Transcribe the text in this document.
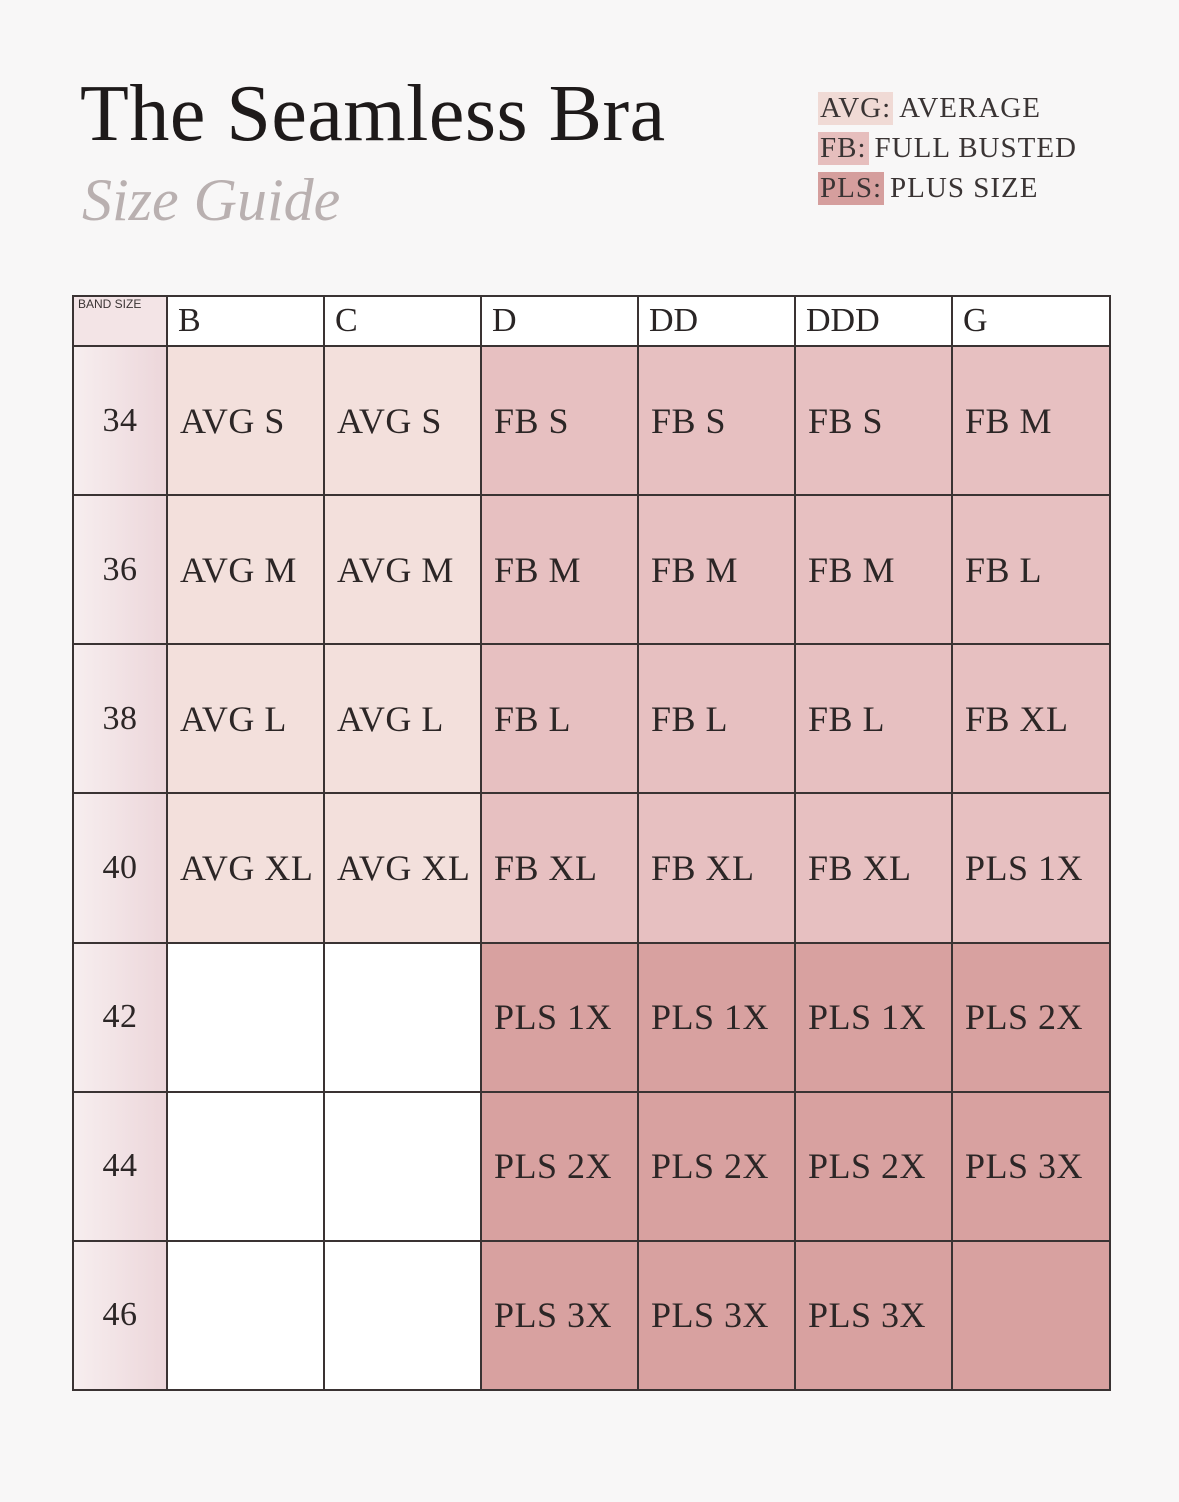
The Seamless Bra
Size Guide
AVG: AVERAGE
FB: FULL BUSTED
PLS: PLUS SIZE
BAND SIZE	B	C	D	DD	DDD	G
34	AVG S	AVG S	FB S	FB S	FB S	FB M
36	AVG M	AVG M	FB M	FB M	FB M	FB L
38	AVG L	AVG L	FB L	FB L	FB L	FB XL
40	AVG XL	AVG XL	FB XL	FB XL	FB XL	PLS 1X
42			PLS 1X	PLS 1X	PLS 1X	PLS 2X
44			PLS 2X	PLS 2X	PLS 2X	PLS 3X
46			PLS 3X	PLS 3X	PLS 3X	
